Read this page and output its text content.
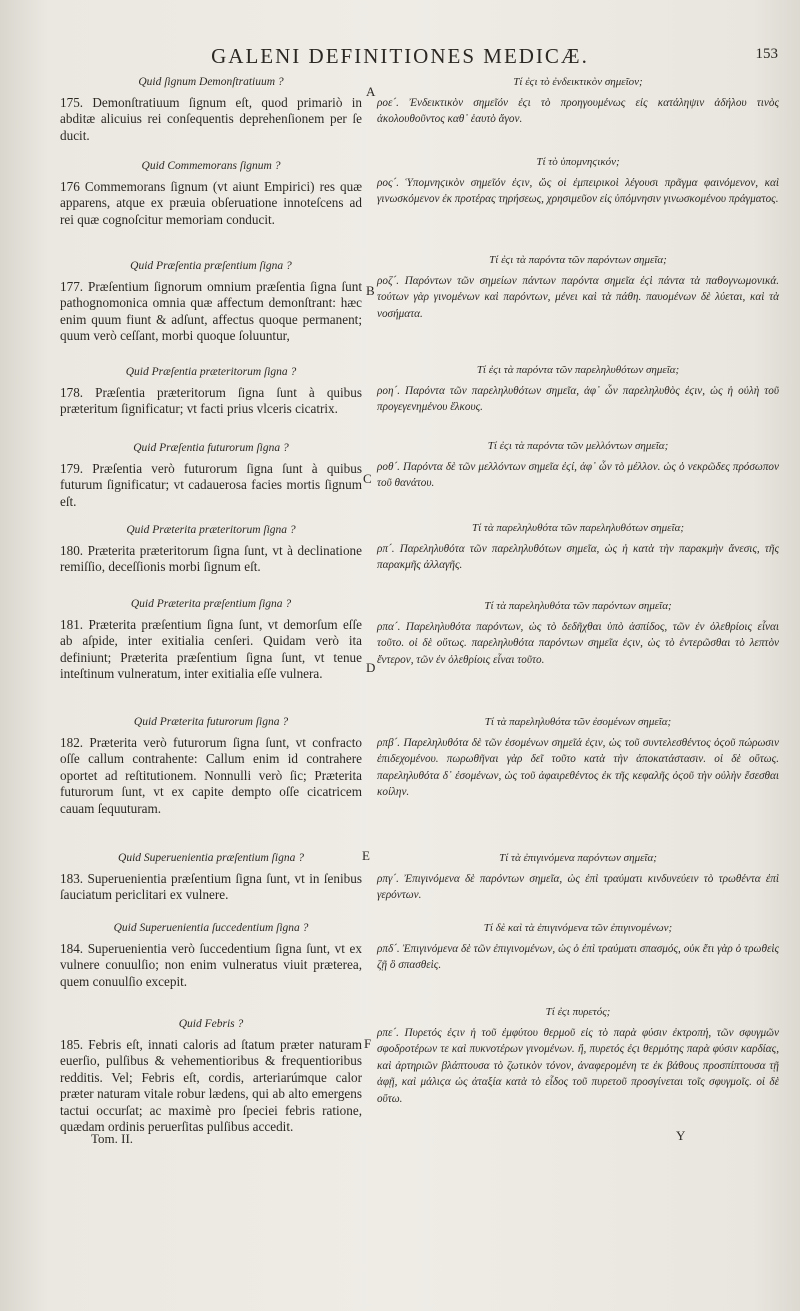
GALENI DEFINITIONES MEDICÆ.	153
A
B
C
D
E
F

Quid ſignum Demonſtratiuum ?

175. Demonſtratiuum ſignum eſt, quod primariò in abditæ alicuius rei conſequentis deprehenſionem per ſe ducit.

Quid Commemorans ſignum ?

176 Commemorans ſignum (vt aiunt Empirici) res quæ apparens, atque ex præuia obſeruatione innoteſcens ad rei quæ cognoſcitur memoriam conducit.

Quid Præſentia præſentium ſigna ?

177. Præſentium ſignorum omnium præſentia ſigna ſunt pathognomonica omnia quæ affectum demonſtrant: hæc enim quum fiunt & adſunt, affectus quoque permanent; quum verò ceſſant, morbi quoque ſoluuntur,

Quid Præſentia præteritorum ſigna ?

178. Præſentia præteritorum ſigna ſunt à quibus præteritum ſignificatur; vt facti prius vlceris cicatrix.

Quid Præſentia futurorum ſigna ?

179. Præſentia verò futurorum ſigna ſunt à quibus futurum ſignificatur; vt cadauerosa facies mortis ſignum eſt.

Quid Præterita præteritorum ſigna ?

180. Præterita præteritorum ſigna ſunt, vt à declinatione remiſſio, deceſſionis morbi ſignum eſt.

Quid Præterita præſentium ſigna ?

181. Præterita præſentium ſigna ſunt, vt demorſum eſſe ab aſpide, inter exitialia cenſeri. Quidam verò ita definiunt; Præterita præſentium ſigna ſunt, vt tenue inteſtinum vulneratum, inter exitialia eſſe vulnera.

Quid Præterita futurorum ſigna ?

182. Præterita verò futurorum ſigna ſunt, vt confracto oſſe callum contrahente: Callum enim id contrahere oportet ad reſtitutionem. Nonnulli verò ſic; Præterita futurorum ſunt, vt ex capite dempto oſſe cicatricem cauam ſequuturam.

Quid Superuenientia præſentium ſigna ?

183. Superuenientia præſentium ſigna ſunt, vt in ſenibus ſauciatum periclitari ex vulnere.

Quid Superuenientia ſuccedentium ſigna ?

184. Superuenientia verò ſuccedentium ſigna ſunt, vt ex vulnere conuulſio; non enim vulneratus viuit præterea, quem conuulſio excepit.

Quid Febris ?

185. Febris eſt, innati caloris ad ſtatum præter naturam euerſio, pulſibus & vehementioribus & frequentioribus redditis. Vel; Febris eſt, cordis, arteriarúmque calor præter naturam vitale robur lædens, qui ab alto emergens tactui occurſat; ac maximè pro ſpeciei febris ratione, quædam ordinis peruerſitas pulſibus accedit.

Τί ἐϛι τὸ ἐνδεικτικὸν σημεῖον;

ροε´. Ἐνδεικτικὸν σημεῖόν ἐϛι τὸ προηγουμένως εἰς κατάληψιν ἀδήλου τινὸς ἀκολουθοῦντος καθ᾽ ἑαυτὸ ἄγον.

Τί τὸ ὑπομνηϛικόν;

ρος´. Ὑπομνηϛικὸν σημεῖόν ἐϛιν, ὥς οἱ ἐμπειρικοὶ λέγουσι πρᾶγμα φαινόμενον, καὶ γινωσκόμενον ἐκ προτέρας τηρήσεως, χρησιμεῦον εἰς ὑπόμνησιν γινωσκομένου πράγματος.

Τί ἐϛι τὰ παρόντα τῶν παρόντων σημεῖα;

ροζ´. Παρόντων τῶν σημείων πάντων παρόντα σημεῖα ἐϛὶ πάντα τὰ παθογνωμονικά. τούτων γὰρ γινομένων καὶ παρόντων, μένει καὶ τὰ πάθη. παυομένων δὲ λύεται, καὶ τὰ νοσήματα.

Τί ἐϛι τὰ παρόντα τῶν παρεληλυθότων σημεῖα;

ροη´. Παρόντα τῶν παρεληλυθότων σημεῖα, ἀφ᾽ ὧν παρεληλυθὸς ἐϛιν, ὡς ἡ οὐλὴ τοῦ προγεγενημένου ἕλκους.

Τί ἐϛι τὰ παρόντα τῶν μελλόντων σημεῖα;

ροθ´. Παρόντα δὲ τῶν μελλόντων σημεῖα ἐϛί, ἀφ᾽ ὧν τὸ μέλλον. ὡς ὁ νεκρῶδες πρόσωπον τοῦ θανάτου.

Τί τὰ παρεληλυθότα τῶν παρεληλυθότων σημεῖα;

ρπ´. Παρεληλυθότα τῶν παρεληλυθότων σημεῖα, ὡς ἡ κατὰ τὴν παρακμὴν ἄνεσις, τῆς παρακμῆς ἀλλαγῆς.

Τί τὰ παρεληλυθότα τῶν παρόντων σημεῖα;

ρπα´. Παρεληλυθότα παρόντων, ὡς τὸ δεδῆχθαι ὑπὸ ἀσπίδος, τῶν ἐν ὀλεθρίοις εἶναι τοῦτο. οἱ δὲ οὕτως. παρεληλυθότα παρόντων σημεῖα ἐϛιν, ὡς τὸ ἐντερῶσθαι τὸ λεπτὸν ἔντερον, τῶν ἐν ὀλεθρίοις εἶναι τοῦτο.

Τί τὰ παρεληλυθότα τῶν ἐσομένων σημεῖα;

ρπβ´. Παρεληλυθότα δὲ τῶν ἐσομένων σημεῖά ἐϛιν, ὡς τοῦ συντελεσθέντος ὀϛοῦ πώρωσιν ἐπιδεχομένου. πωρωθῆναι γὰρ δεῖ τοῦτο κατὰ τὴν ἀποκατάστασιν. οἱ δὲ οὕτως. παρεληλυθότα δ᾽ ἐσομένων, ὡς τοῦ ἀφαιρεθέντος ἐκ τῆς κεφαλῆς ὀϛοῦ τὴν οὐλὴν ἔσεσθαι κοίλην.

Τί τὰ ἐπιγινόμενα παρόντων σημεῖα;

ρπγ´. Ἐπιγινόμενα δὲ παρόντων σημεῖα, ὡς ἐπὶ τραύματι κινδυνεύειν τὸ τρωθέντα ἐπὶ γερόντων.

Τί δὲ καὶ τὰ ἐπιγινόμενα τῶν ἐπιγινομένων;

ρπδ´. Ἐπιγινόμενα δὲ τῶν ἐπιγινομένων, ὡς ὁ ἐπὶ τραύματι σπασμός, οὐκ ἔτι γὰρ ὁ τρωθεὶς ζῇ ὃ σπασθεὶς.

Τί ἐϛι πυρετός;

ρπε´. Πυρετός ἐϛιν ἡ τοῦ ἐμφύτου θερμοῦ εἰς τὸ παρὰ φύσιν ἐκτροπή, τῶν σφυγμῶν σφοδροτέρων τε καὶ πυκνοτέρων γινομένων. ἤ, πυρετός ἐϛι θερμότης παρὰ φύσιν καρδίας, καὶ ἀρτηριῶν βλάπτουσα τὸ ζωτικὸν τόνον, ἀναφερομένη τε ἐκ βάθους προσπίπτουσα τῇ ἁφῇ, καὶ μάλιϛα ὡς ἀταξία κατὰ τὸ εἶδος τοῦ πυρετοῦ προσγίνεται τοῖς σφυγμοῖς. οἱ δὲ οὕτω.

Tom. II.	Y
